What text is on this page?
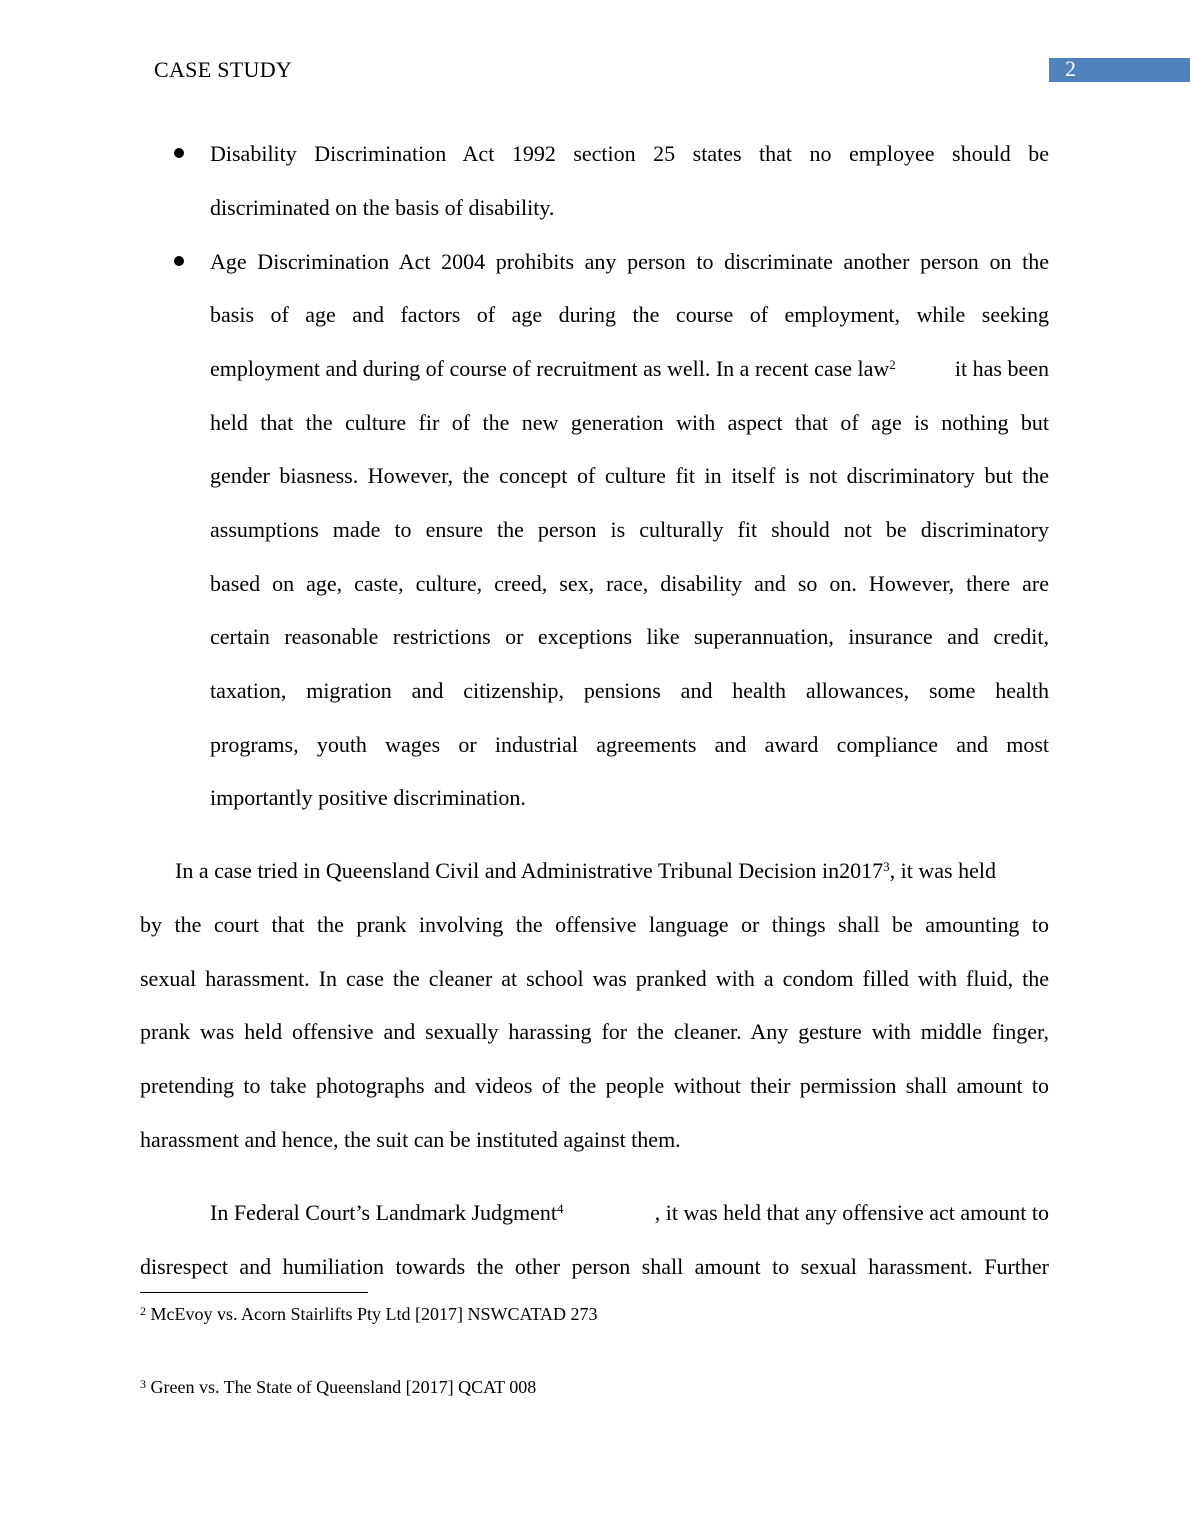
CASE STUDY	2
Disability Discrimination Act 1992 section 25 states that no employee should be
discriminated on the basis of disability.
Age Discrimination Act 2004 prohibits any person to discriminate another person on the
basis of age and factors of age during the course of employment, while seeking
employment and during of course of recruitment as well. In a recent case law$^2$ it has been
held that the culture fir of the new generation with aspect that of age is nothing but
gender biasness. However, the concept of culture fit in itself is not discriminatory but the
assumptions made to ensure the person is culturally fit should not be discriminatory
based on age, caste, culture, creed, sex, race, disability and so on. However, there are
certain reasonable restrictions or exceptions like superannuation, insurance and credit,
taxation, migration and citizenship, pensions and health allowances, some health
programs, youth wages or industrial agreements and award compliance and most
importantly positive discrimination.
In a case tried in Queensland Civil and Administrative Tribunal Decision in2017$^3$, it was held
by the court that the prank involving the offensive language or things shall be amounting to
sexual harassment. In case the cleaner at school was pranked with a condom filled with fluid, the
prank was held offensive and sexually harassing for the cleaner. Any gesture with middle finger,
pretending to take photographs and videos of the people without their permission shall amount to
harassment and hence, the suit can be instituted against them.
In Federal Court’s Landmark Judgment$^4$	, it was held that any offensive act amount to
disrespect and humiliation towards the other person shall amount to sexual harassment. Further
$^2$ McEvoy vs. Acorn Stairlifts Pty Ltd [2017] NSWCATAD 273
$^3$ Green vs. The State of Queensland [2017] QCAT 008
